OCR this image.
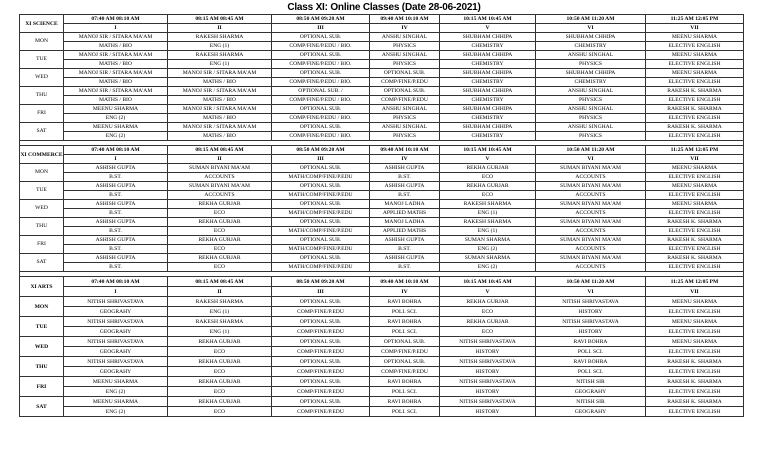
Class XI: Online Classes (Date 28-06-2021)
XI SCIENCE	07:40 AM 08:10 AM	08:15 AM 08:45 AM	08:50 AM 09:20 AM	09:40 AM 10:10 AM	10:15 AM 10:45 AM	10:50 AM 11:20 AM	11:25 AM 12:05 PM
	I	II	III	IV	V	VI	VII
MON	MANOJ SIR / SITARA MA'AM	RAKESH SHARMA	OPTIONAL SUB.	ANSHU SINGHAL	SHUBHAM CHHIPA	SHUBHAM CHHIPA	MEENU SHARMA
	MATHS / BIO	ENG (1)	COMP/FINE/P.EDU / BIO.	PHYSICS	CHEMISTRY	CHEMISTRY	ELECTIVE ENGLISH
TUE	MANOJ SIR / SITARA MA'AM	RAKESH SHARMA	OPTIONAL SUB.	ANSHU SINGHAL	SHUBHAM CHHIPA	ANSHU SINGHAL	MEENU SHARMA
	MATHS / BIO	ENG (1)	COMP/FINE/P.EDU / BIO.	PHYSICS	CHEMISTRY	PHYSICS	ELECTIVE ENGLISH
WED	MANOJ SIR / SITARA MA'AM	MANOJ SIR / SITARA MA'AM	OPTIONAL SUB.	OPTIONAL SUB.	SHUBHAM CHHIPA	SHUBHAM CHHIPA	MEENU SHARMA
	MATHS / BIO	MATHS / BIO	COMP/FINE/P.EDU / BIO.	COMP/FINE/P.EDU	CHEMISTRY	CHEMISTRY	ELECTIVE ENGLISH
THU	MANOJ SIR / SITARA MA'AM	MANOJ SIR / SITARA MA'AM	OPTIONAL SUB. /	OPTIONAL SUB.	SHUBHAM CHHIPA	ANSHU SINGHAL	RAKESH K. SHARMA
	MATHS / BIO	MATHS / BIO	COMP/FINE/P.EDU / BIO.	COMP/FINE/P.EDU	CHEMISTRY	PHYSICS	ELECTIVE ENGLISH
FRI	MEENU SHARMA	MANOJ SIR / SITARA MA'AM	OPTIONAL SUB.	ANSHU SINGHAL	SHUBHAM CHHIPA	ANSHU SINGHAL	RAKESH K. SHARMA
	ENG (2)	MATHS / BIO	COMP/FINE/P.EDU / BIO.	PHYSICS	CHEMISTRY	PHYSICS	ELECTIVE ENGLISH
SAT	MEENU SHARMA	MANOJ SIR / SITARA MA'AM	OPTIONAL SUB.	ANSHU SINGHAL	SHUBHAM CHHIPA	ANSHU SINGHAL	RAKESH K. SHARMA
	ENG (2)	MATHS / BIO	COMP/FINE/P.EDU / BIO.	PHYSICS	CHEMISTRY	PHYSICS	ELECTIVE ENGLISH

XI COMMERCE	07:40 AM 08:10 AM	08:15 AM 08:45 AM	08:50 AM 09:20 AM	09:40 AM 10:10 AM	10:15 AM 10:45 AM	10:50 AM 11:20 AM	11:25 AM 12:05 PM
	I	II	III	IV	V	VI	VII
MON	ASHISH GUPTA	SUMAN BIYANI MA'AM	OPTIONAL SUB.	ASHISH GUPTA	REKHA GURJAR	SUMAN BIYANI MA'AM	MEENU SHARMA
	B.ST.	ACCOUNTS	MATH/COMP/FINE/P.EDU	B.ST.	ECO	ACCOUNTS	ELECTIVE ENGLISH
TUE	ASHISH GUPTA	SUMAN BIYANI MA'AM	OPTIONAL SUB.	ASHISH GUPTA	REKHA GURJAR	SUMAN BIYANI MA'AM	MEENU SHARMA
	B.ST.	ACCOUNTS	MATH/COMP/FINE/P.EDU	B.ST.	ECO	ACCOUNTS	ELECTIVE ENGLISH
WED	ASHISH GUPTA	REKHA GURJAR	OPTIONAL SUB.	MANOJ LADHA	RAKESH SHARMA	SUMAN BIYANI MA'AM	MEENU SHARMA
	B.ST.	ECO	MATH/COMP/FINE/P.EDU	APPLIED MATHS	ENG (1)	ACCOUNTS	ELECTIVE ENGLISH
THU	ASHISH GUPTA	REKHA GURJAR	OPTIONAL SUB.	MANOJ LADHA	RAKESH SHARMA	SUMAN BIYANI MA'AM	RAKESH K. SHARMA
	B.ST.	ECO	MATH/COMP/FINE/P.EDU	APPLIED MATHS	ENG (1)	ACCOUNTS	ELECTIVE ENGLISH
FRI	ASHISH GUPTA	REKHA GURJAR	OPTIONAL SUB.	ASHISH GUPTA	SUMAN SHARMA	SUMAN BIYANI MA'AM	RAKESH K. SHARMA
	B.ST.	ECO	MATH/COMP/FINE/P.EDU	B.ST.	ENG (2)	ACCOUNTS	ELECTIVE ENGLISH
SAT	ASHISH GUPTA	REKHA GURJAR	OPTIONAL SUB.	ASHISH GUPTA	SUMAN SHARMA	SUMAN BIYANI MA'AM	RAKESH K. SHARMA
	B.ST.	ECO	MATH/COMP/FINE/P.EDU	B.ST.	ENG (2)	ACCOUNTS	ELECTIVE ENGLISH

XI ARTS	07:40 AM 08:10 AM	08:15 AM 08:45 AM	08:50 AM 09:20 AM	09:40 AM 10:10 AM	10:15 AM 10:45 AM	10:50 AM 11:20 AM	11:25 AM 12:05 PM
	I	II	III	IV	V	VI	VII
MON	NITISH SHRIVASTAVA	RAKESH SHARMA	OPTIONAL SUB.	RAVI BOHRA	REKHA GURJAR	NITISH SHRIVASTAVA	MEENU SHARMA
	GEOGRAHY	ENG (1)	COMP/FINE/P.EDU	POLI. SCI.	ECO	HISTORY	ELECTIVE ENGLISH
TUE	NITISH SHRIVASTAVA	RAKESH SHARMA	OPTIONAL SUB.	RAVI BOHRA	REKHA GURJAR	NITISH SHRIVASTAVA	MEENU SHARMA
	GEOGRAHY	ENG (1)	COMP/FINE/P.EDU	POLI. SCI.	ECO	HISTORY	ELECTIVE ENGLISH
WED	NITISH SHRIVASTAVA	REKHA GURJAR	OPTIONAL SUB.	OPTIONAL SUB.	NITISH SHRIVASTAVA	RAVI BOHRA	MEENU SHARMA
	GEOGRAHY	ECO	COMP/FINE/P.EDU	COMP/FINE/P.EDU	HISTORY	POLI. SCI.	ELECTIVE ENGLISH
THU	NITISH SHRIVASTAVA	REKHA GURJAR	OPTIONAL SUB.	OPTIONAL SUB.	NITISH SHRIVASTAVA	RAVI BOHRA	RAKESH K. SHARMA
	GEOGRAHY	ECO	COMP/FINE/P.EDU	COMP/FINE/P.EDU	HISTORY	POLI. SCI.	ELECTIVE ENGLISH
FRI	MEENU SHARMA	REKHA GURJAR	OPTIONAL SUB.	RAVI BOHRA	NITISH SHRIVASTAVA	NITISH SIR	RAKESH K. SHARMA
	ENG (2)	ECO	COMP/FINE/P.EDU	POLI. SCI.	HISTORY	GEOGRAHY	ELECTIVE ENGLISH
SAT	MEENU SHARMA	REKHA GURJAR	OPTIONAL SUB.	RAVI BOHRA	NITISH SHRIVASTAVA	NITISH SIR	RAKESH K. SHARMA
	ENG (2)	ECO	COMP/FINE/P.EDU	POLI. SCI.	HISTORY	GEOGRAHY	ELECTIVE ENGLISH
